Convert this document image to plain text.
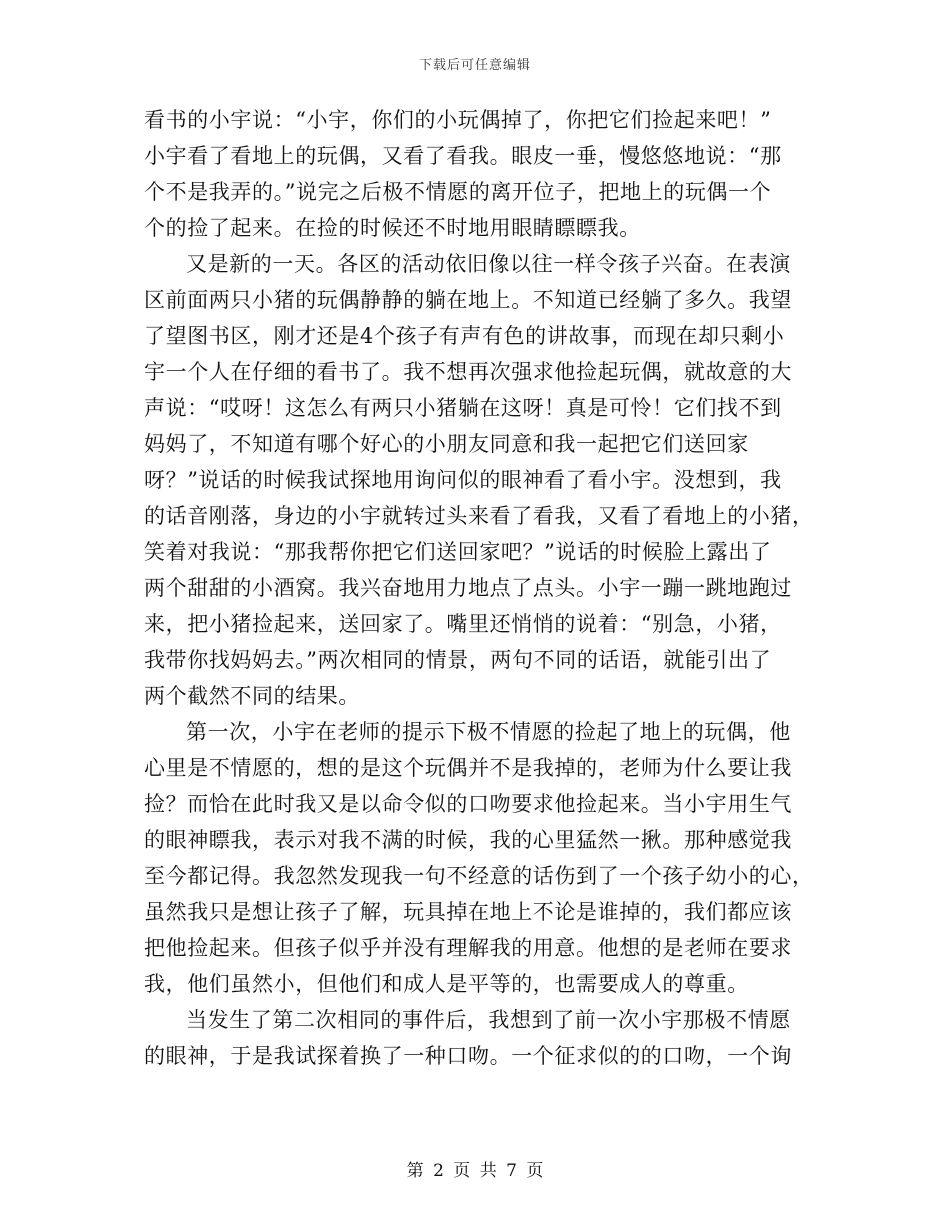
下载后可任意编辑
看书的小宇说：“小宇，你们的小玩偶掉了，你把它们捡起来吧！”
小宇看了看地上的玩偶，又看了看我。眼皮一垂，慢悠悠地说：“那
个不是我弄的。”说完之后极不情愿的离开位子，把地上的玩偶一个
个的捡了起来。在捡的时候还不时地用眼睛瞟瞟我。
又是新的一天。各区的活动依旧像以往一样令孩子兴奋。在表演
区前面两只小猪的玩偶静静的躺在地上。不知道已经躺了多久。我望
了望图书区，刚才还是4个孩子有声有色的讲故事，而现在却只剩小
宇一个人在仔细的看书了。我不想再次强求他捡起玩偶，就故意的大
声说：“哎呀！这怎么有两只小猪躺在这呀！真是可怜！它们找不到
妈妈了，不知道有哪个好心的小朋友同意和我一起把它们送回家
呀？”说话的时候我试探地用询问似的眼神看了看小宇。没想到，我
的话音刚落，身边的小宇就转过头来看了看我，又看了看地上的小猪，
笑着对我说：“那我帮你把它们送回家吧？”说话的时候脸上露出了
两个甜甜的小酒窝。我兴奋地用力地点了点头。小宇一蹦一跳地跑过
来，把小猪捡起来，送回家了。嘴里还悄悄的说着：“别急，小猪，
我带你找妈妈去。”两次相同的情景，两句不同的话语，就能引出了
两个截然不同的结果。
第一次，小宇在老师的提示下极不情愿的捡起了地上的玩偶，他
心里是不情愿的，想的是这个玩偶并不是我掉的，老师为什么要让我
捡？而恰在此时我又是以命令似的口吻要求他捡起来。当小宇用生气
的眼神瞟我，表示对我不满的时候，我的心里猛然一揪。那种感觉我
至今都记得。我忽然发现我一句不经意的话伤到了一个孩子幼小的心，
虽然我只是想让孩子了解，玩具掉在地上不论是谁掉的，我们都应该
把他捡起来。但孩子似乎并没有理解我的用意。他想的是老师在要求
我，他们虽然小，但他们和成人是平等的，也需要成人的尊重。
当发生了第二次相同的事件后，我想到了前一次小宇那极不情愿
的眼神，于是我试探着换了一种口吻。一个征求似的的口吻，一个询
第 2 页 共 7 页
